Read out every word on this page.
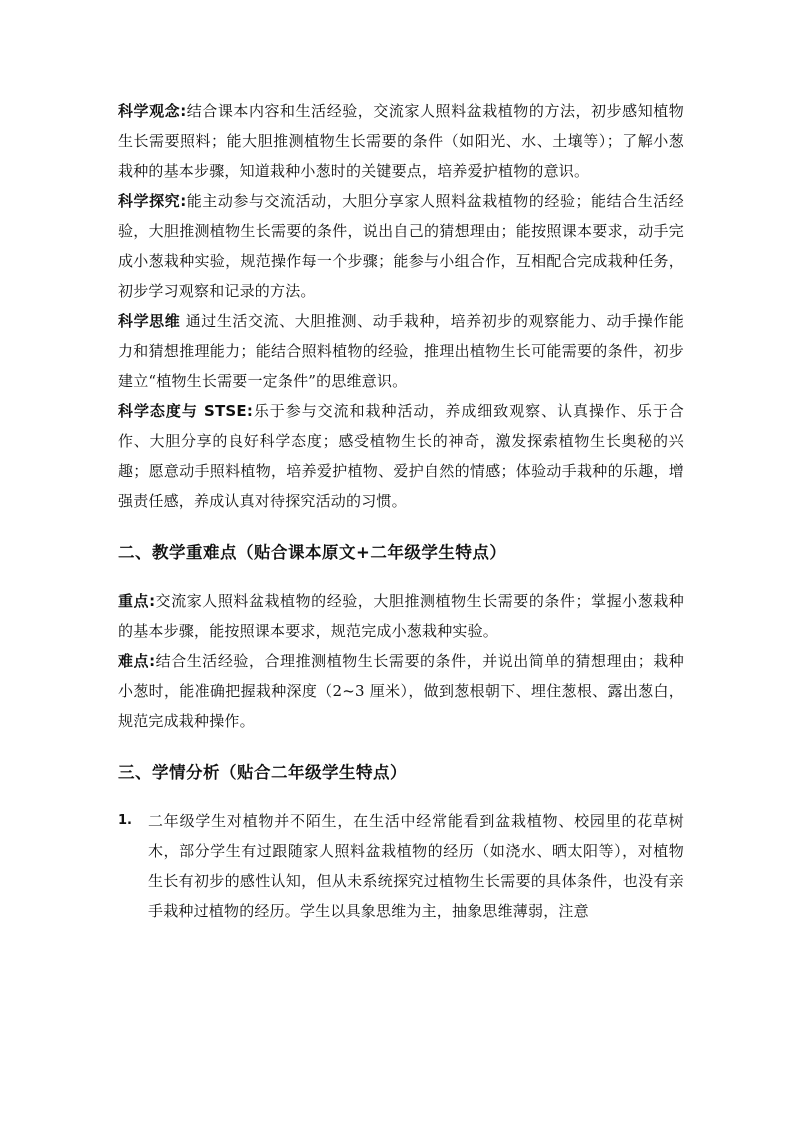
科学观念:结合课本内容和生活经验，交流家人照料盆栽植物的方法，初步感知植物生长需要照料；能大胆推测植物生长需要的条件（如阳光、水、土壤等）；了解小葱栽种的基本步骤，知道栽种小葱时的关键要点，培养爱护植物的意识。

科学探究:能主动参与交流活动，大胆分享家人照料盆栽植物的经验；能结合生活经验，大胆推测植物生长需要的条件，说出自己的猜想理由；能按照课本要求，动手完成小葱栽种实验，规范操作每一个步骤；能参与小组合作，互相配合完成栽种任务，初步学习观察和记录的方法。

科学思维 通过生活交流、大胆推测、动手栽种，培养初步的观察能力、动手操作能力和猜想推理能力；能结合照料植物的经验，推理出植物生长可能需要的条件，初步建立“植物生长需要一定条件”的思维意识。

科学态度与 STSE:乐于参与交流和栽种活动，养成细致观察、认真操作、乐于合作、大胆分享的良好科学态度；感受植物生长的神奇，激发探索植物生长奥秘的兴趣；愿意动手照料植物，培养爱护植物、爱护自然的情感；体验动手栽种的乐趣，增强责任感，养成认真对待探究活动的习惯。

二、教学重难点（贴合课本原文+二年级学生特点）

重点:交流家人照料盆栽植物的经验，大胆推测植物生长需要的条件；掌握小葱栽种的基本步骤，能按照课本要求，规范完成小葱栽种实验。

难点:结合生活经验，合理推测植物生长需要的条件，并说出简单的猜想理由；栽种小葱时，能准确把握栽种深度（2~3 厘米），做到葱根朝下、埋住葱根、露出葱白，规范完成栽种操作。

三、学情分析（贴合二年级学生特点）
1.	二年级学生对植物并不陌生，在生活中经常能看到盆栽植物、校园里的花草树木，部分学生有过跟随家人照料盆栽植物的经历（如浇水、晒太阳等），对植物生长有初步的感性认知，但从未系统探究过植物生长需要的具体条件，也没有亲手栽种过植物的经历。学生以具象思维为主，抽象思维薄弱，注意
